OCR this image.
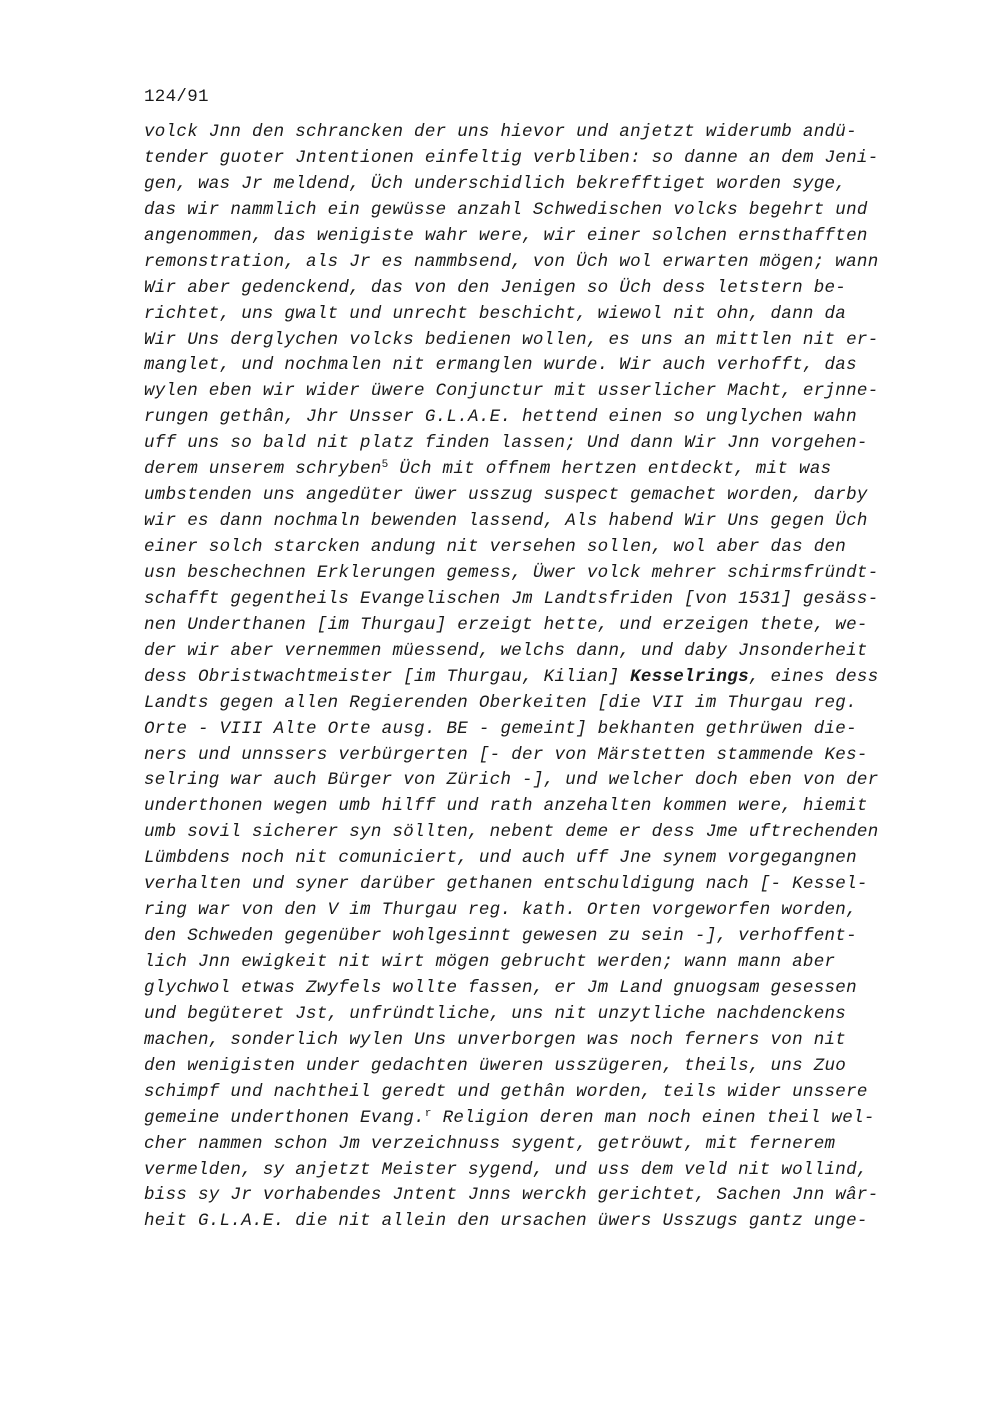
124/91
volck Jnn den schrancken der uns hievor und anjetzt widerumb andü-
tender guoter Jntentionen einfeltig verbliben: so danne an dem Jeni-
gen, was Jr meldend, Üch underschidlich bekrefftiget worden syge,
das wir nammlich ein gewüsse anzahl Schwedischen volcks begehrt und
angenommen, das wenigiste wahr were, wir einer solchen ernsthafften
remonstration, als Jr es nammbsend, von Üch wol erwarten mögen; wann
Wir aber gedenckend, das von den Jenigen so Üch dess letstern be-
richtet, uns gwalt und unrecht beschicht, wiewol nit ohn, dann da
Wir Uns derglychen volcks bedienen wollen, es uns an mittlen nit er-
manglet, und nochmalen nit ermanglen wurde. Wir auch verhofft, das
wylen eben wir wider üwere Conjunctur mit usserlicher Macht, erjnne-
rungen gethân, Jhr Unsser G.L.A.E. hettend einen so unglychen wahn
uff uns so bald nit platz finden lassen; Und dann Wir Jnn vorgehen-
derem unserem schryben$^5$ Üch mit offnem hertzen entdeckt, mit was
umbstenden uns angedüter üwer usszug suspect gemachet worden, darby
wir es dann nochmaln bewenden lassend, Als habend Wir Uns gegen Üch
einer solch starcken andung nit versehen sollen, wol aber das den
usn beschechnen Erklerungen gemess, Üwer volck mehrer schirmsfründt-
schafft gegentheils Evangelischen Jm Landtsfriden [von 1531] gesäss-
nen Underthanen [im Thurgau] erzeigt hette, und erzeigen thete, we-
der wir aber vernemmen müessend, welchs dann, und daby Jnsonderheit
dess Obristwachtmeister [im Thurgau, Kilian] Kesselrings, eines dess
Landts gegen allen Regierenden Oberkeiten [die VII im Thurgau reg.
Orte - VIII Alte Orte ausg. BE - gemeint] bekhanten gethrüwen die-
ners und unnssers verbürgerten [- der von Märstetten stammende Kes-
selring war auch Bürger von Zürich -], und welcher doch eben von der
underthonen wegen umb hilff und rath anzehalten kommen were, hiemit
umb sovil sicherer syn söllten, nebent deme er dess Jme uftrechenden
Lümbdens noch nit comuniciert, und auch uff Jne synem vorgegangnen
verhalten und syner darüber gethanen entschuldigung nach [- Kessel-
ring war von den V im Thurgau reg. kath. Orten vorgeworfen worden,
den Schweden gegenüber wohlgesinnt gewesen zu sein -], verhoffent-
lich Jnn ewigkeit nit wirt mögen gebrucht werden; wann mann aber
glychwol etwas Zwyfels wollte fassen, er Jm Land gnuogsam gesessen
und begüteret Jst, unfründtliche, uns nit unzytliche nachdenckens
machen, sonderlich wylen Uns unverborgen was noch ferners von nit
den wenigisten under gedachten üweren usszügeren, theils, uns Zuo
schimpf und nachtheil geredt und gethân worden, teils wider unssere
gemeine underthonen Evang.$^r$ Religion deren man noch einen theil wel-
cher nammen schon Jm verzeichnuss sygent, getröuwt, mit fernerem
vermelden, sy anjetzt Meister sygend, und uss dem veld nit wollind,
biss sy Jr vorhabendes Jntent Jnns werckh gerichtet, Sachen Jnn wâr-
heit G.L.A.E. die nit allein den ursachen üwers Usszugs gantz unge-
